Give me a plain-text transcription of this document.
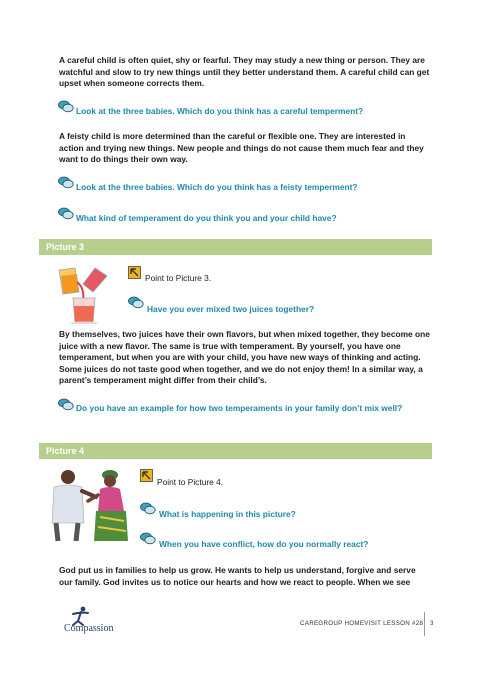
A careful child is often quiet, shy or fearful. They may study a new thing or person. They are watchful and slow to try new things until they better understand them. A careful child can get upset when someone corrects them.
Look at the three babies. Which do you think has a careful temperment?
A feisty child is more determined than the careful or flexible one. They are interested in action and trying new things. New people and things do not cause them much fear and they want to do things their own way.
Look at the three babies. Which do you think has a feisty temperment?
What kind of temperament do you think you and your child have?
Picture 3
Point to Picture 3.
Have you ever mixed two juices together?
By themselves, two juices have their own flavors, but when mixed together, they become one juice with a new flavor. The same is true with temperament. By yourself, you have one temperament, but when you are with your child, you have new ways of thinking and acting. Some juices do not taste good when together, and we do not enjoy them! In a similar way, a parent’s temperament might differ from their child’s.
Do you have an example for how two temperaments in your family don’t mix well?
Picture 4
Point to Picture 4.
What is happening in this picture?
When you have conflict, how do you normally react?
God put us in families to help us grow. He wants to help us understand, forgive and serve our family. God invites us to notice our hearts and how we react to people. When we see
Compassion	CAREGROUP HOMEVISIT LESSON #28 3
